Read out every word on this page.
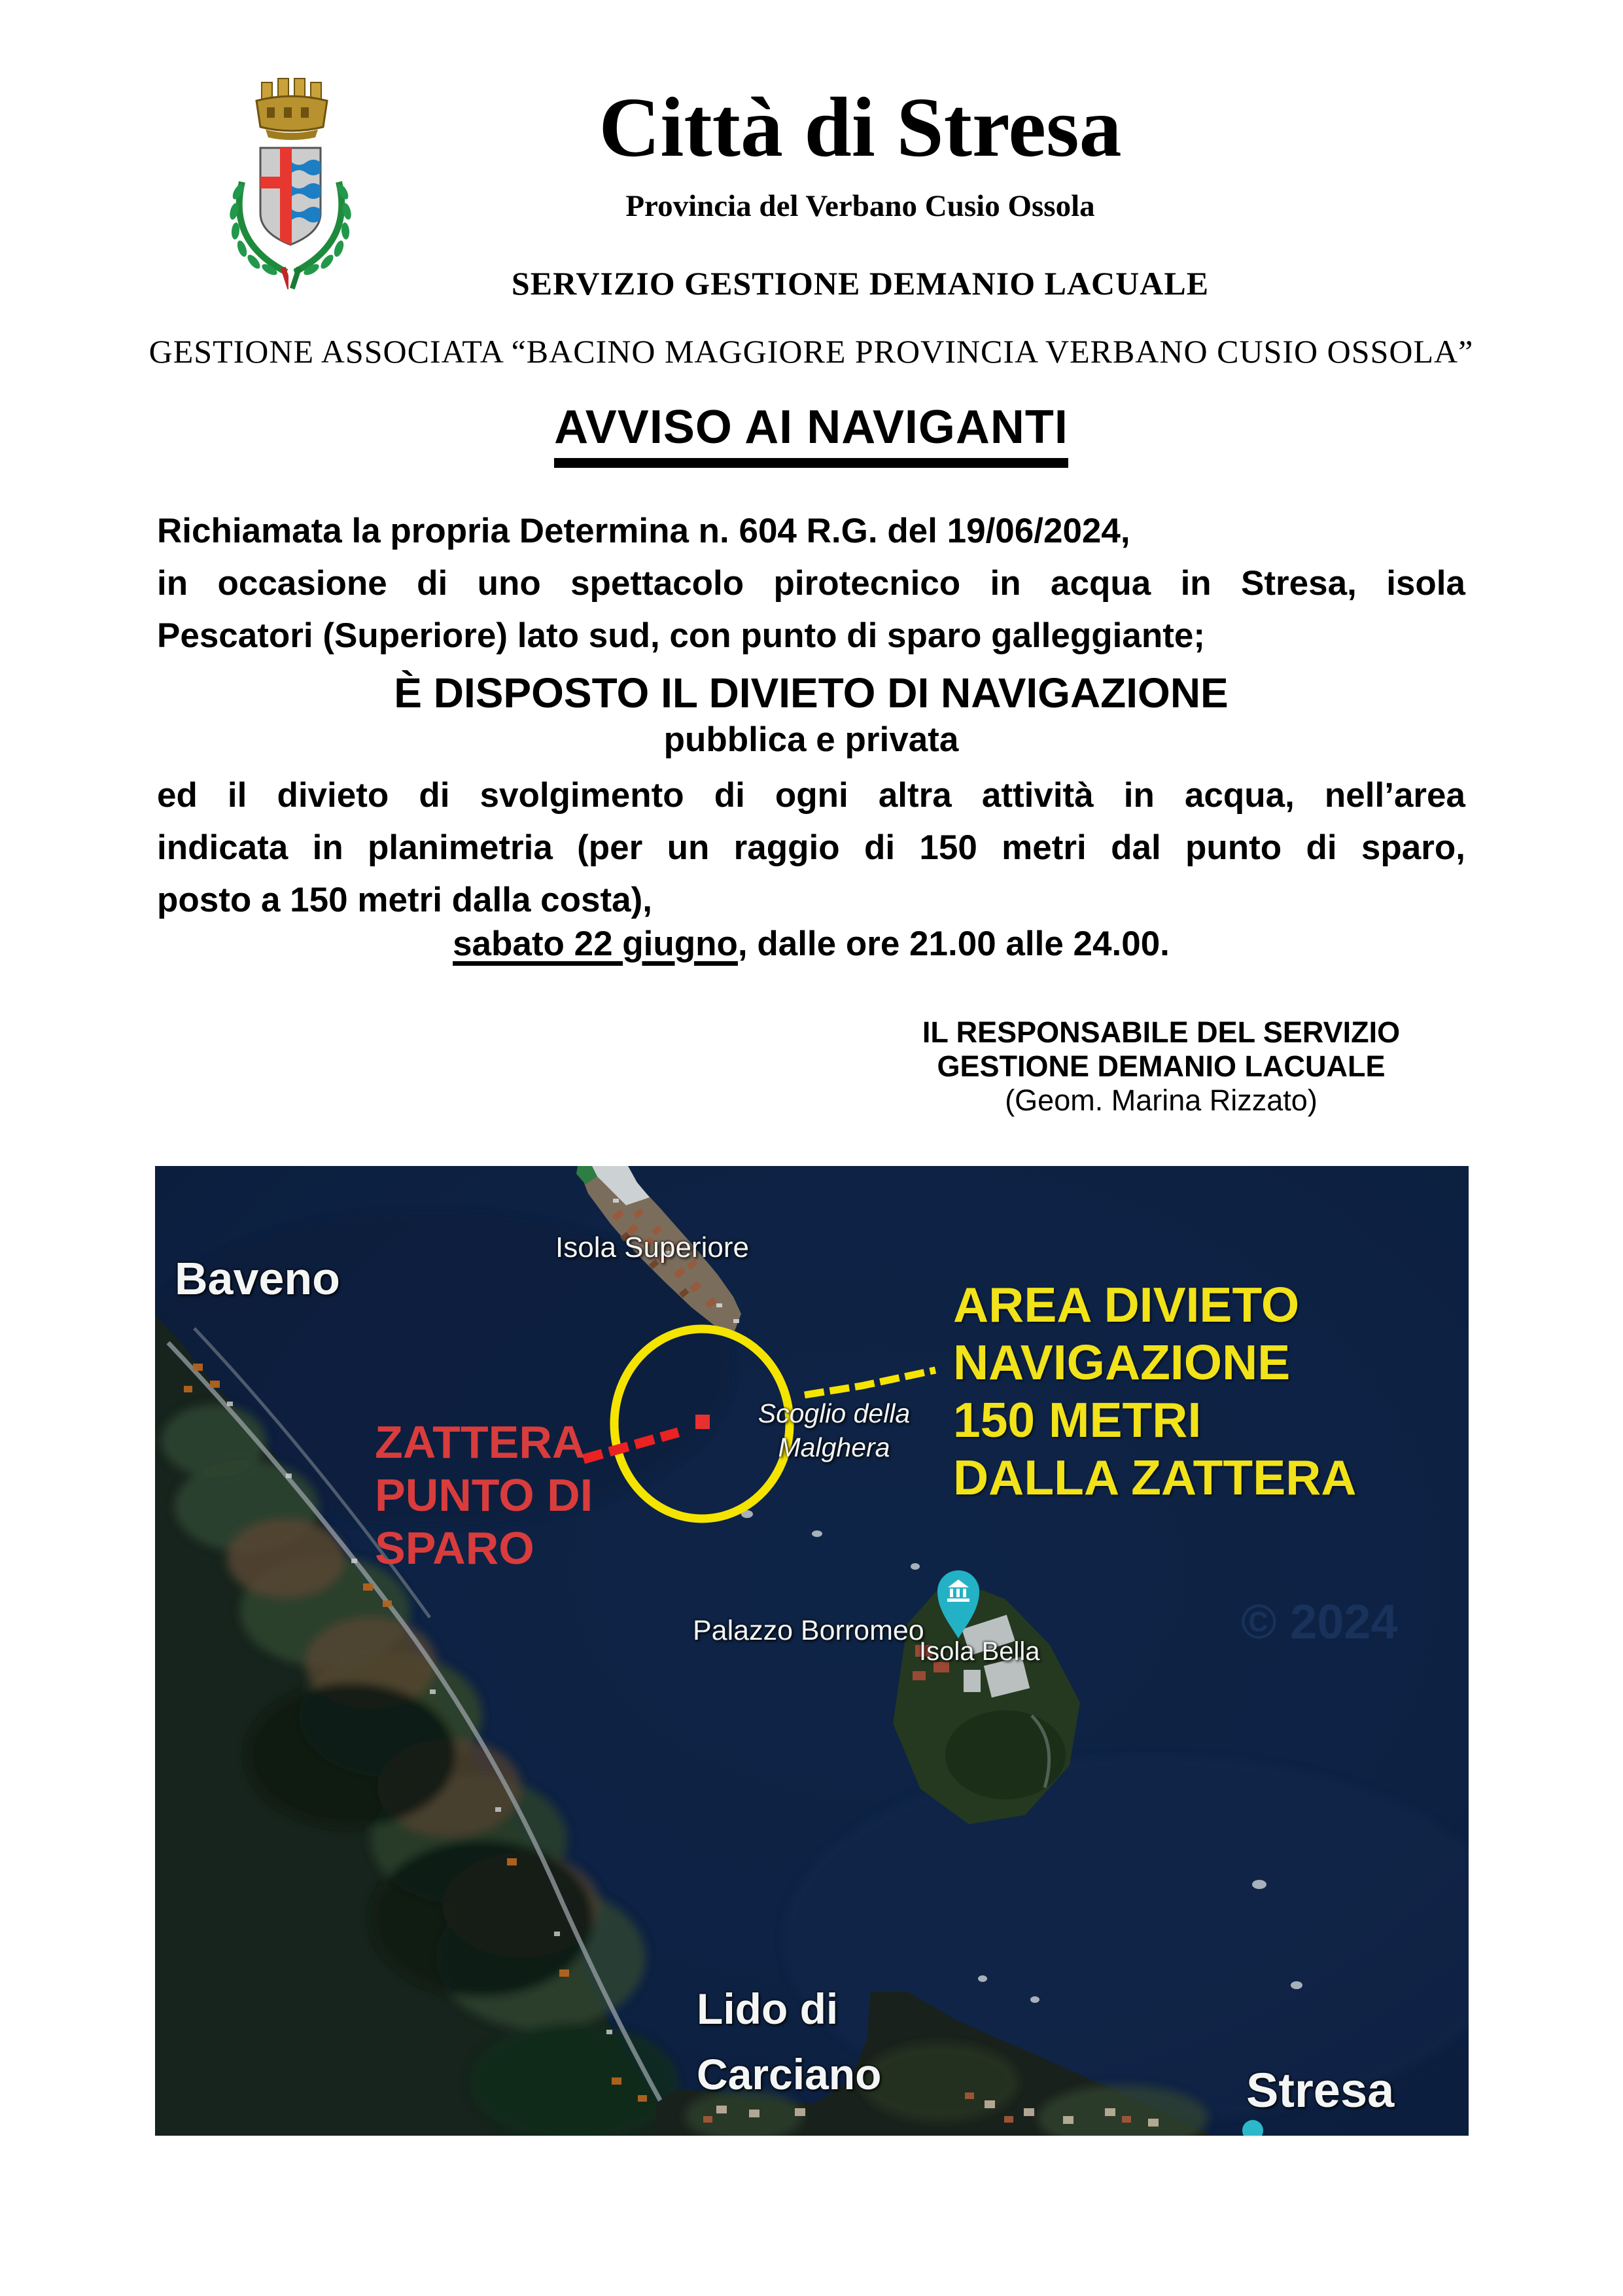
Città di Stresa
Provincia del Verbano Cusio Ossola
SERVIZIO GESTIONE DEMANIO LACUALE
GESTIONE ASSOCIATA “BACINO MAGGIORE PROVINCIA VERBANO CUSIO OSSOLA”
AVVISO AI NAVIGANTI
Richiamata la propria Determina n. 604 R.G. del 19/06/2024,
in occasione di uno spettacolo pirotecnico in acqua in Stresa, isola
Pescatori (Superiore) lato sud, con punto di sparo galleggiante;
È DISPOSTO IL DIVIETO DI NAVIGAZIONE
pubblica e privata
ed il divieto di svolgimento di ogni altra attività in acqua, nell’area
indicata in planimetria (per un raggio di 150 metri dal punto di sparo,
posto a 150 metri dalla costa),
sabato 22 giugno, dalle ore 21.00 alle 24.00.
IL RESPONSABILE DEL SERVIZIO
GESTIONE DEMANIO LACUALE
(Geom. Marina Rizzato)
© 2024
Baveno
Isola Superiore
ZATTERA
PUNTO DI
SPARO
Scoglio della
Malghera
AREA DIVIETO
NAVIGAZIONE
150 METRI
DALLA ZATTERA
Palazzo Borromeo
Isola Bella
Lido di
Carciano	Stresa
